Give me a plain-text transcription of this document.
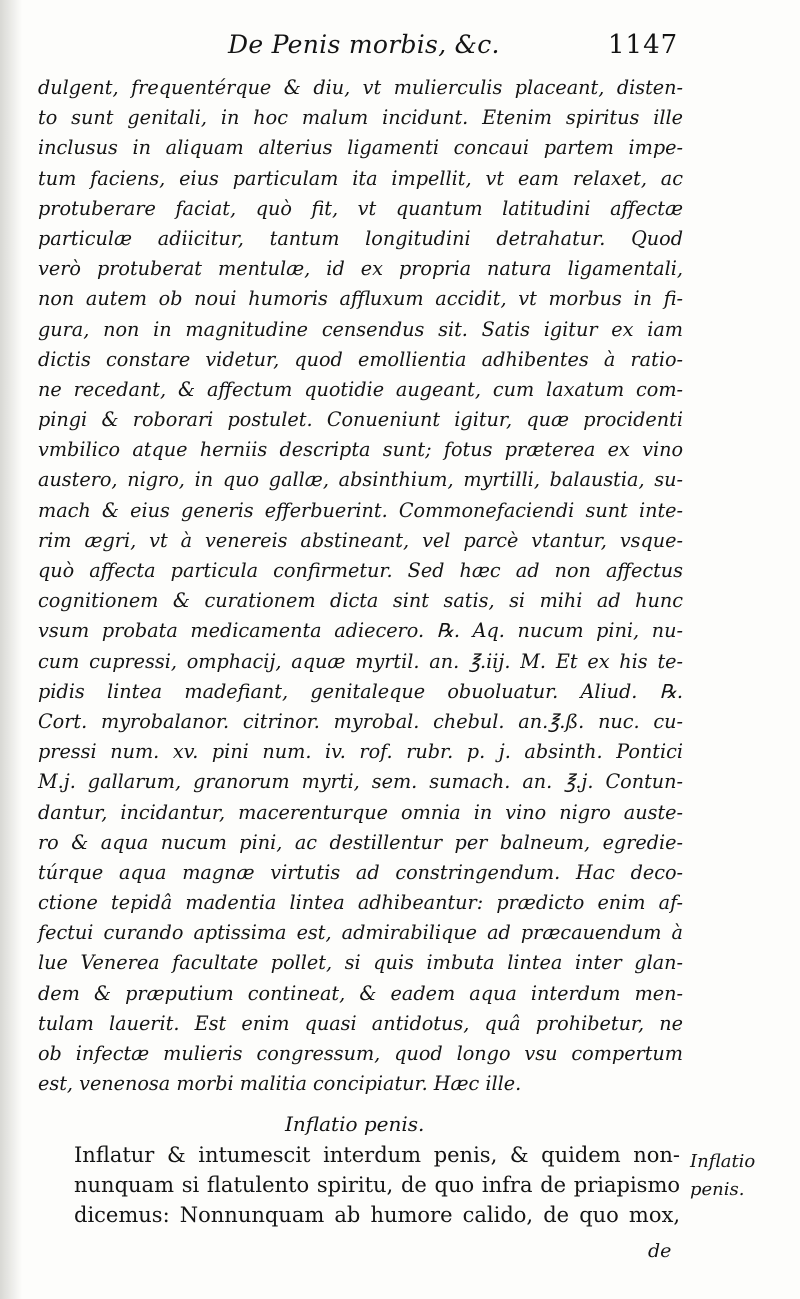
De Penis morbis, &c.	1147
dulgent, frequentérque & diu, vt mulierculis placeant, disten-
to sunt genitali, in hoc malum incidunt. Etenim spiritus ille
inclusus in aliquam alterius ligamenti concaui partem impe-
tum faciens, eius particulam ita impellit, vt eam relaxet, ac
protuberare faciat, quò fit, vt quantum latitudini affectæ
particulæ adiicitur, tantum longitudini detrahatur. Quod
verò protuberat mentulæ, id ex propria natura ligamentali,
non autem ob noui humoris affluxum accidit, vt morbus in fi-
gura, non in magnitudine censendus sit. Satis igitur ex iam
dictis constare videtur, quod emollientia adhibentes à ratio-
ne recedant, & affectum quotidie augeant, cum laxatum com-
pingi & roborari postulet. Conueniunt igitur, quæ procidenti
vmbilico atque herniis descripta sunt; fotus præterea ex vino
austero, nigro, in quo gallæ, absinthium, myrtilli, balaustia, su-
mach & eius generis efferbuerint. Commonefaciendi sunt inte-
rim ægri, vt à venereis abstineant, vel parcè vtantur, vsque-
quò affecta particula confirmetur. Sed hæc ad non affectus
cognitionem & curationem dicta sint satis, si mihi ad hunc
vsum probata medicamenta adiecero. ℞. Aq. nucum pini, nu-
cum cupressi, omphacij, aquæ myrtil. an. ℥.iij. M. Et ex his te-
pidis lintea madefiant, genitaleque obuoluatur. Aliud. ℞.
Cort. myrobalanor. citrinor. myrobal. chebul. an.℥.ß. nuc. cu-
pressi num. xv. pini num. iv. rof. rubr. p. j. absinth. Pontici
M.j. gallarum, granorum myrti, sem. sumach. an. ℥.j. Contun-
dantur, incidantur, macerenturque omnia in vino nigro auste-
ro & aqua nucum pini, ac destillentur per balneum, egredie-
túrque aqua magnæ virtutis ad constringendum. Hac deco-
ctione tepidâ madentia lintea adhibeantur: prædicto enim af-
fectui curando aptissima est, admirabilique ad præcauendum à
lue Venerea facultate pollet, si quis imbuta lintea inter glan-
dem & præputium contineat, & eadem aqua interdum men-
tulam lauerit. Est enim quasi antidotus, quâ prohibetur, ne
ob infectæ mulieris congressum, quod longo vsu compertum
est, venenosa morbi malitia concipiatur. Hæc ille.
Inflatio penis.
Inflatur & intumescit interdum penis, & quidem non-
nunquam si flatulento spiritu, de quo infra de priapismo
dicemus: Nonnunquam ab humore calido, de quo mox,
Inflatio
penis.
de
